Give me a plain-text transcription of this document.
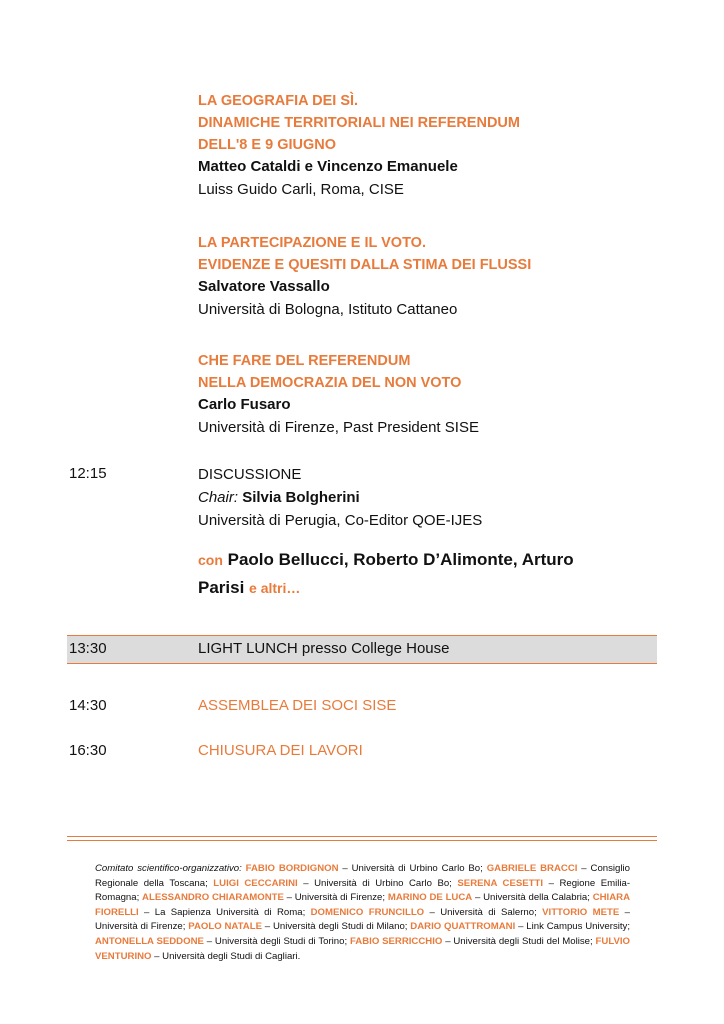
LA GEOGRAFIA DEI SÌ.
DINAMICHE TERRITORIALI NEI REFERENDUM
DELL'8 E 9 GIUGNO
Matteo Cataldi e Vincenzo Emanuele
Luiss Guido Carli, Roma, CISE
LA PARTECIPAZIONE E IL VOTO.
EVIDENZE E QUESITI DALLA STIMA DEI FLUSSI
Salvatore Vassallo
Università di Bologna, Istituto Cattaneo
CHE FARE DEL REFERENDUM
NELLA DEMOCRAZIA DEL NON VOTO
Carlo Fusaro
Università di Firenze, Past President SISE
12:15	DISCUSSIONE
Chair: Silvia Bolgherini
Università di Perugia, Co-Editor QOE-IJES
con Paolo Bellucci, Roberto D’Alimonte, Arturo
Parisi e altri…
13:30	LIGHT LUNCH presso College House
14:30	ASSEMBLEA DEI SOCI SISE
16:30	CHIUSURA DEI LAVORI
Comitato scientifico-organizzativo: FABIO BORDIGNON – Università di Urbino Carlo Bo; GABRIELE BRACCI – Consiglio Regionale della Toscana; LUIGI CECCARINI – Università di Urbino Carlo Bo; SERENA CESETTI – Regione Emilia-Romagna; ALESSANDRO CHIARAMONTE – Università di Firenze; MARINO DE LUCA – Università della Calabria; CHIARA FIORELLI – La Sapienza Università di Roma; DOMENICO FRUNCILLO – Università di Salerno; VITTORIO METE – Università di Firenze; PAOLO NATALE – Università degli Studi di Milano; DARIO QUATTROMANI – Link Campus University; ANTONELLA SEDDONE – Università degli Studi di Torino; FABIO SERRICCHIO – Università degli Studi del Molise; FULVIO VENTURINO – Università degli Studi di Cagliari.
